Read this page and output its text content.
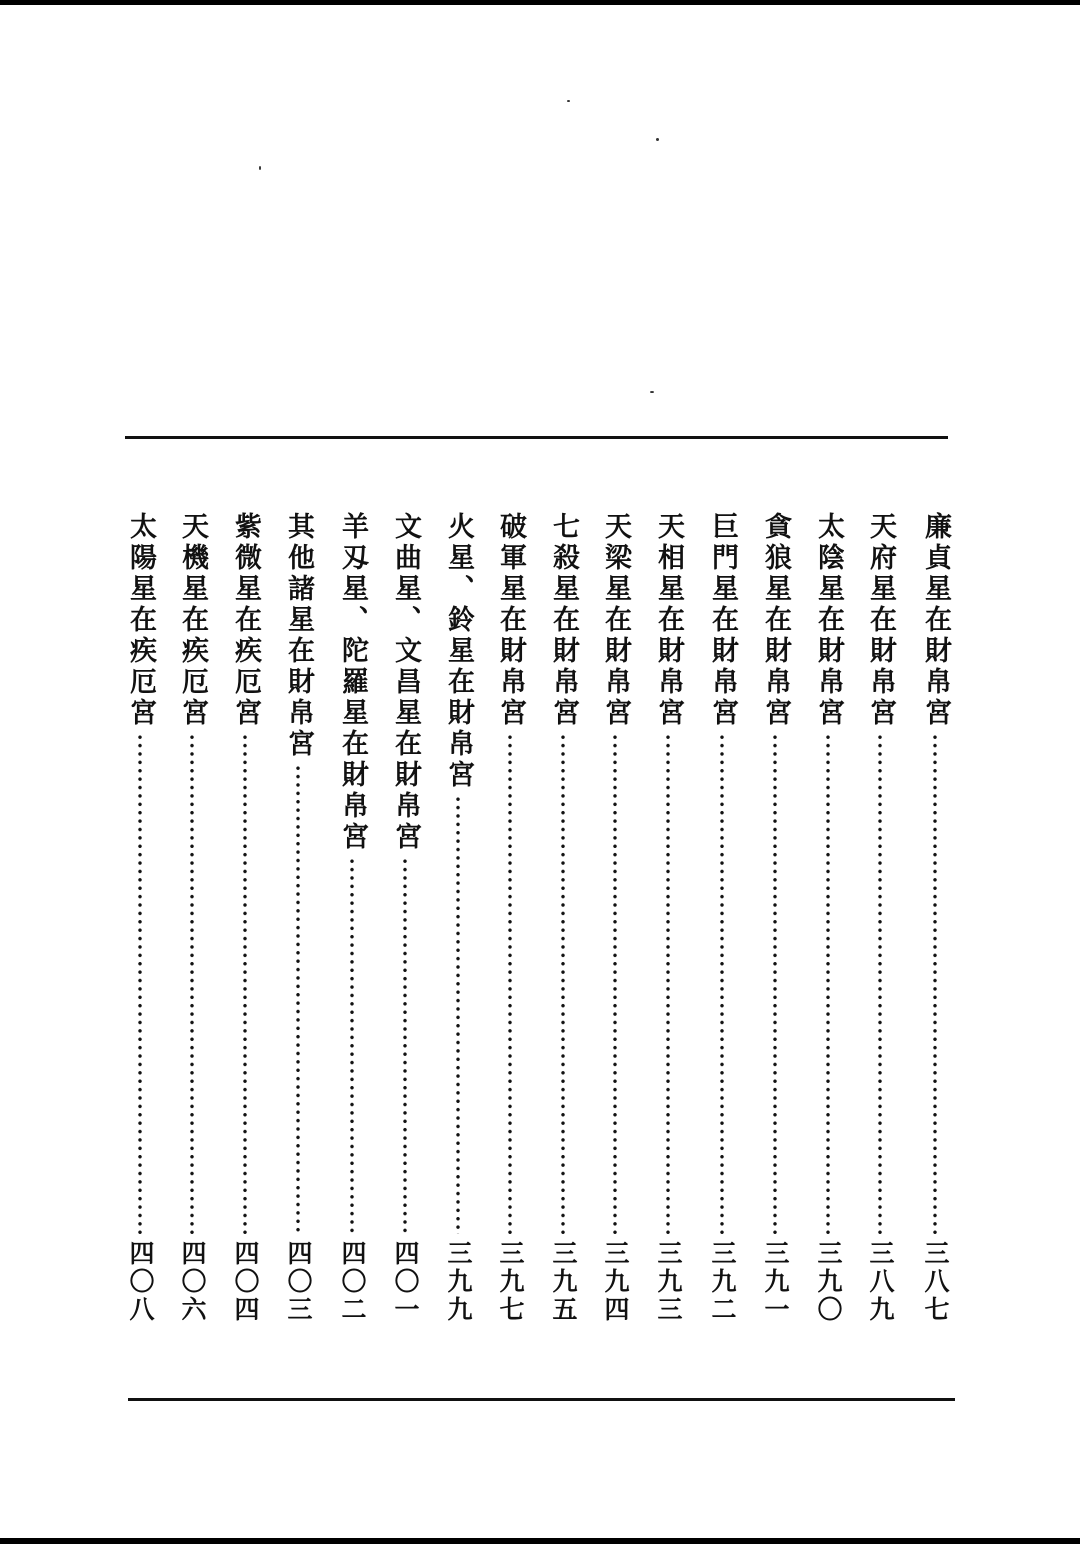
廉貞星在財帛宮
三八七
天府星在財帛宮
三八九
太陰星在財帛宮
三九〇
貪狼星在財帛宮
三九一
巨門星在財帛宮
三九二
天相星在財帛宮
三九三
天梁星在財帛宮
三九四
七殺星在財帛宮
三九五
破軍星在財帛宮
三九七
火星、鈴星在財帛宮
三九九
文曲星、文昌星在財帛宮
四〇一
羊刄星、陀羅星在財帛宮
四〇二
其他諸星在財帛宮
四〇三
紫微星在疾厄宮
四〇四
天機星在疾厄宮
四〇六
太陽星在疾厄宮
四〇八
